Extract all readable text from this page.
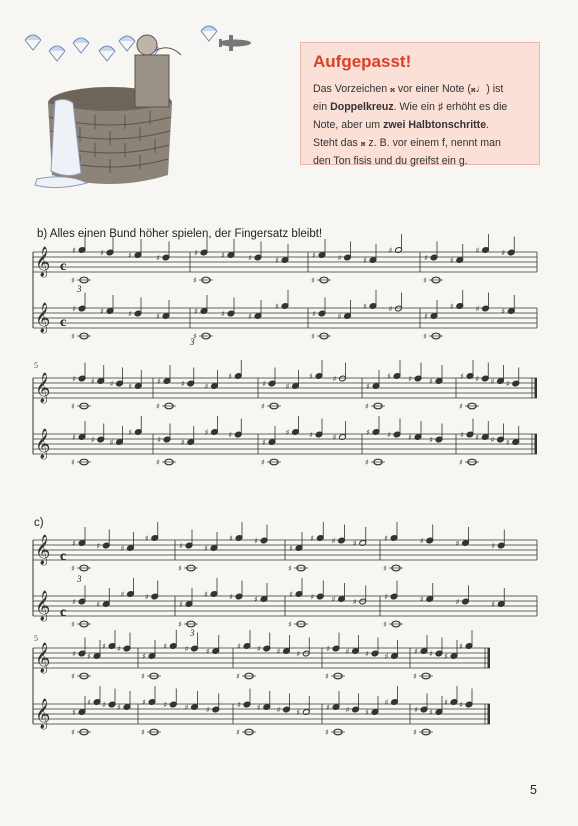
Aufgepasst!
Das Vorzeichen 𝄪 vor einer Note (𝄪♩) ist
ein Doppelkreuz. Wie ein ♯ erhöht es die
Note, aber um zwei Halbtonschritte.
Steht das 𝄪 z. B. vor einem f, nennt man
den Ton fisis und du greifst ein g.
b) Alles einen Bund höher spielen, der Fingersatz bleibt!
c)
𝄞	♯	♯	♯	♯
♯
♯	♯	♯	♯
♯
♯	♯	♯
♯
♯
♯	♯
♯	♯
♯
𝄞	♯	♯	♯	♯
♯
♯	♯	♯
♯
♯
♯	♯
♯	♯
♯
♯
♯	♯	♯
♯
𝄞	♯ ♯ ♯ ♯
♯
♯ ♯ ♯
♯
♯
♯ ♯
♯ ♯
♯
♯
♯ ♯ ♯
♯
♯ ♯ ♯ ♯
♯
𝄞	♯ ♯ ♯
♯
♯
♯ ♯
♯ ♯
♯
♯
♯ ♯ ♯
♯
♯ ♯ ♯ ♯
♯
♯ ♯ ♯ ♯
♯
𝄞	♯	♯	♯
♯
♯
♯	♯
♯	♯
♯
♯
♯ ♯ ♯
♯
♯	♯	♯	♯
♯
𝄞	♯	♯
♯	♯
♯
♯
♯	♯	♯
♯
♯ ♯ ♯ ♯
♯
♯	♯	♯	♯
♯
𝄞	♯ ♯
♯ ♯
♯
♯
♯ ♯ ♯
♯
♯ ♯ ♯ ♯
♯
♯ ♯ ♯ ♯
♯
♯ ♯ ♯
♯
♯
𝄞	♯
♯ ♯ ♯
♯
♯ ♯ ♯ ♯
♯
♯ ♯ ♯ ♯
♯
♯ ♯ ♯
♯
♯
♯ ♯
♯ ♯
♯
c
c
c
c
5
5
3
3
3
3
5
